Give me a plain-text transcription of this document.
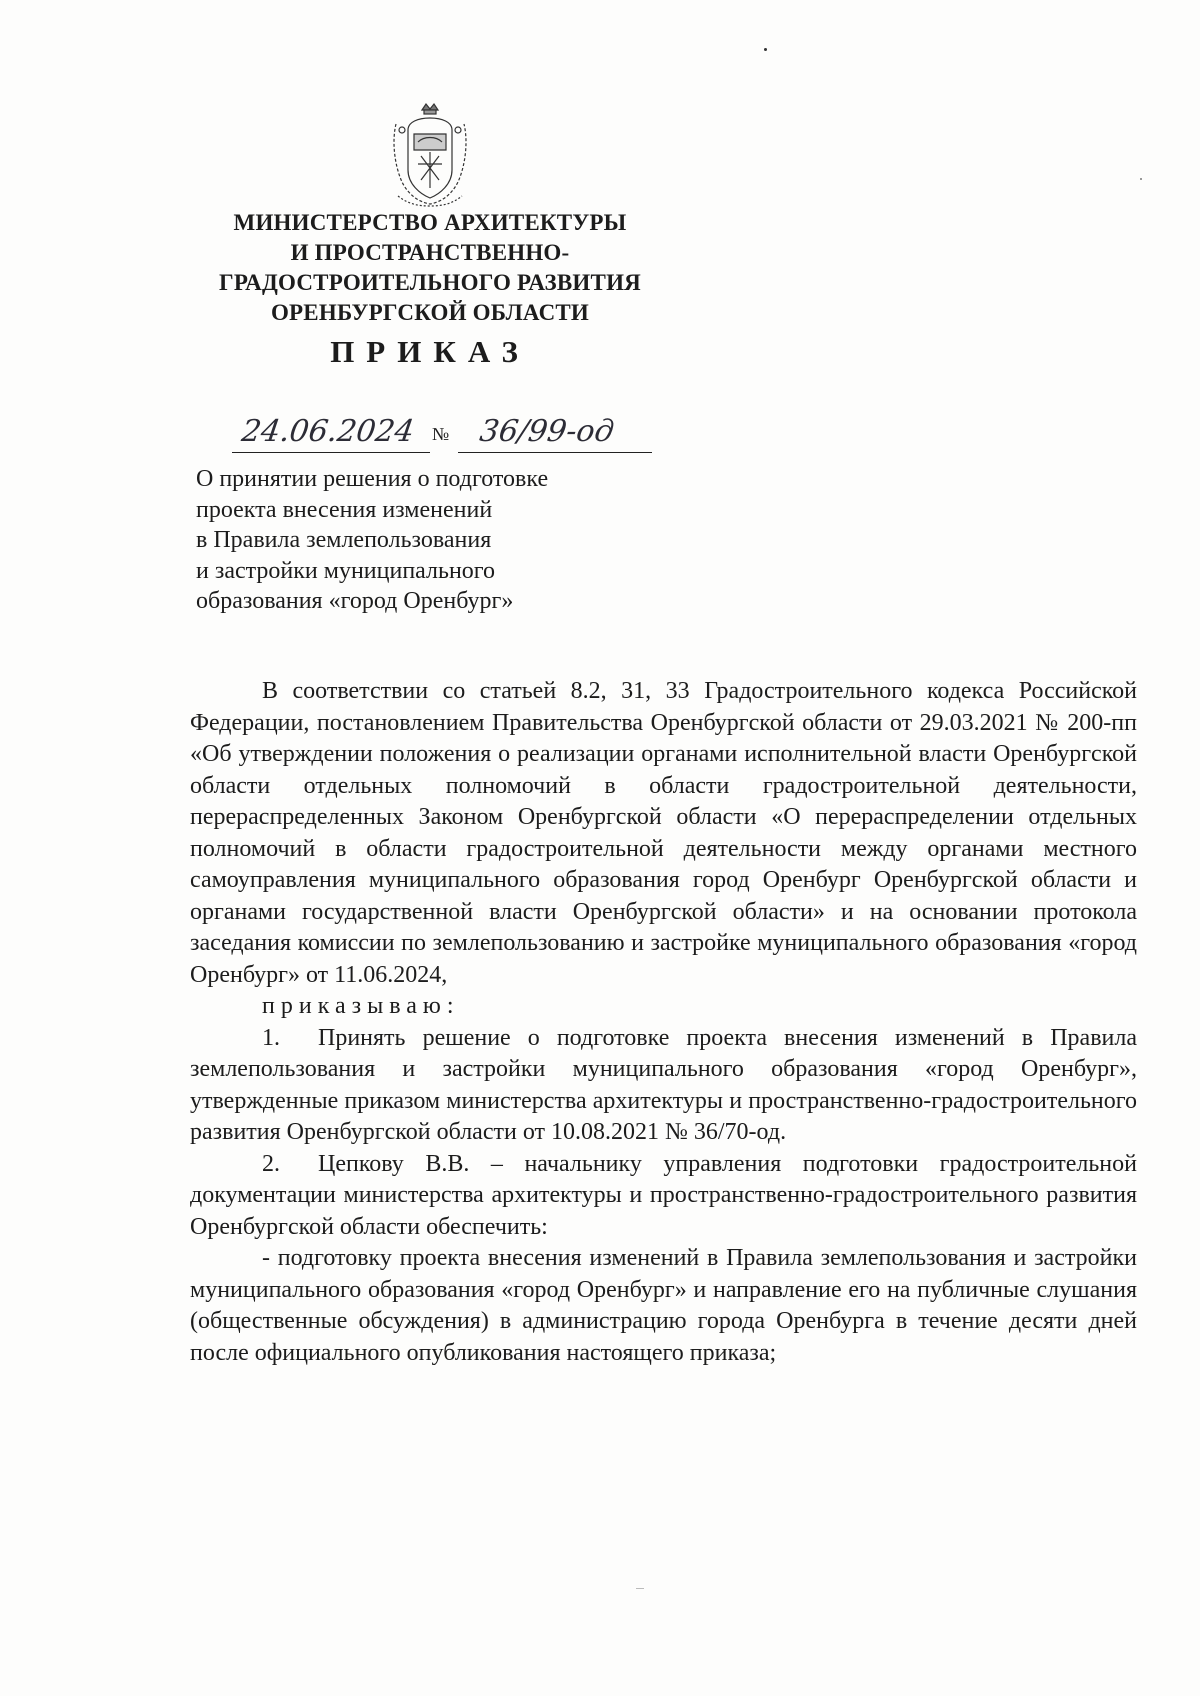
МИНИСТЕРСТВО АРХИТЕКТУРЫ
И ПРОСТРАНСТВЕННО-
ГРАДОСТРОИТЕЛЬНОГО РАЗВИТИЯ
ОРЕНБУРГСКОЙ ОБЛАСТИ
ПРИКАЗ
24.06.2024 № 36/99-од
О принятии решения о подготовке
проекта внесения изменений
в Правила землепользования
и застройки муниципального
образования «город Оренбург»

В соответствии со статьей 8.2, 31, 33 Градостроительного кодекса Российской Федерации, постановлением Правительства Оренбургской области от 29.03.2021 № 200-пп «Об утверждении положения о реализации органами исполнительной власти Оренбургской области отдельных полномочий в области градостроительной деятельности, перераспределенных Законом Оренбургской области «О перераспределении отдельных полномочий в области градостроительной деятельности между органами местного самоуправления муниципального образования город Оренбург Оренбургской области и органами государственной власти Оренбургской области» и на основании протокола заседания комиссии по землепользованию и застройке муниципального образования «город Оренбург» от 11.06.2024,

приказываю:

1. Принять решение о подготовке проекта внесения изменений в Правила землепользования и застройки муниципального образования «город Оренбург», утвержденные приказом министерства архитектуры и пространственно-градостроительного развития Оренбургской области от 10.08.2021 № 36/70-од.

2. Цепкову В.В. – начальнику управления подготовки градостроительной документации министерства архитектуры и пространственно-градостроительного развития Оренбургской области обеспечить:

- подготовку проекта внесения изменений в Правила землепользования и застройки муниципального образования «город Оренбург» и направление его на публичные слушания (общественные обсуждения) в администрацию города Оренбурга в течение десяти дней после официального опубликования настоящего приказа;
